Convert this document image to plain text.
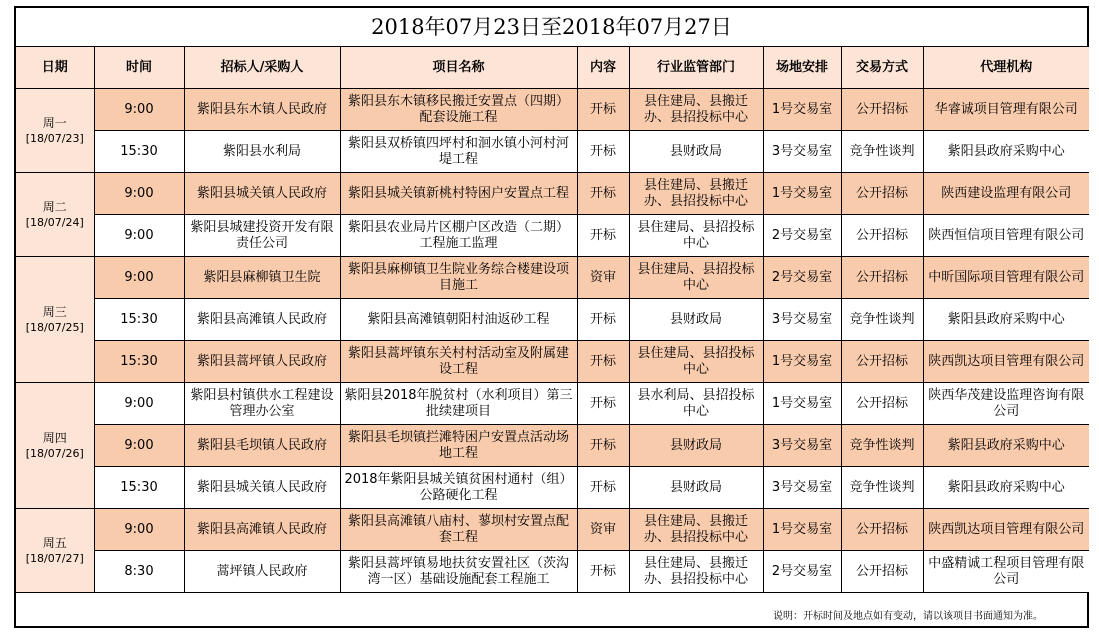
2018年07月23日至2018年07月27日
日期	时间	招标人/采购人	项目名称	内容	行业监管部门	场地安排	交易方式	代理机构

周一
[18/07/23]	9:00	紫阳县东木镇人民政府	紫阳县东木镇移民搬迁安置点（四期）配套设施工程	开标	县住建局、县搬迁办、县招投标中心	1号交易室	公开招标	华睿诚项目管理有限公司
	15:30	紫阳县水利局	紫阳县双桥镇四坪村和洄水镇小河村河堤工程	开标	县财政局	3号交易室	竞争性谈判	紫阳县政府采购中心

周二
[18/07/24]	9:00	紫阳县城关镇人民政府	紫阳县城关镇新桃村特困户安置点工程	开标	县住建局、县搬迁办、县招投标中心	1号交易室	公开招标	陕西建设监理有限公司
	9:00	紫阳县城建投资开发有限责任公司	紫阳县农业局片区棚户区改造（二期）工程施工监理	开标	县住建局、县招投标中心	2号交易室	公开招标	陕西恒信项目管理有限公司

周三
[18/07/25]	9:00	紫阳县麻柳镇卫生院	紫阳县麻柳镇卫生院业务综合楼建设项目施工	资审	县住建局、县招投标中心	2号交易室	公开招标	中昕国际项目管理有限公司
	15:30	紫阳县高滩镇人民政府	紫阳县高滩镇朝阳村油返砂工程	开标	县财政局	3号交易室	竞争性谈判	紫阳县政府采购中心
	15:30	紫阳县蒿坪镇人民政府	紫阳县蒿坪镇东关村村活动室及附属建设工程	开标	县住建局、县招投标中心	1号交易室	公开招标	陕西凯达项目管理有限公司

周四
[18/07/26]	9:00	紫阳县村镇供水工程建设管理办公室	紫阳县2018年脱贫村（水利项目）第三批续建项目	开标	县水利局、县招投标中心	1号交易室	公开招标	陕西华茂建设监理咨询有限公司
	9:00	紫阳县毛坝镇人民政府	紫阳县毛坝镇拦滩特困户安置点活动场地工程	开标	县财政局	3号交易室	竞争性谈判	紫阳县政府采购中心
	15:30	紫阳县城关镇人民政府	2018年紫阳县城关镇贫困村通村（组）公路硬化工程	开标	县财政局	3号交易室	竞争性谈判	紫阳县政府采购中心

周五
[18/07/27]	9:00	紫阳县高滩镇人民政府	紫阳县高滩镇八庙村、蓼坝村安置点配套工程	资审	县住建局、县搬迁办、县招投标中心	1号交易室	公开招标	陕西凯达项目管理有限公司
	8:30	蒿坪镇人民政府	紫阳县蒿坪镇易地扶贫安置社区（茨沟湾一区）基础设施配套工程施工	开标	县住建局、县搬迁办、县招投标中心	2号交易室	公开招标	中盛精诚工程项目管理有限公司
说明：开标时间及地点如有变动，请以该项目书面通知为准。
